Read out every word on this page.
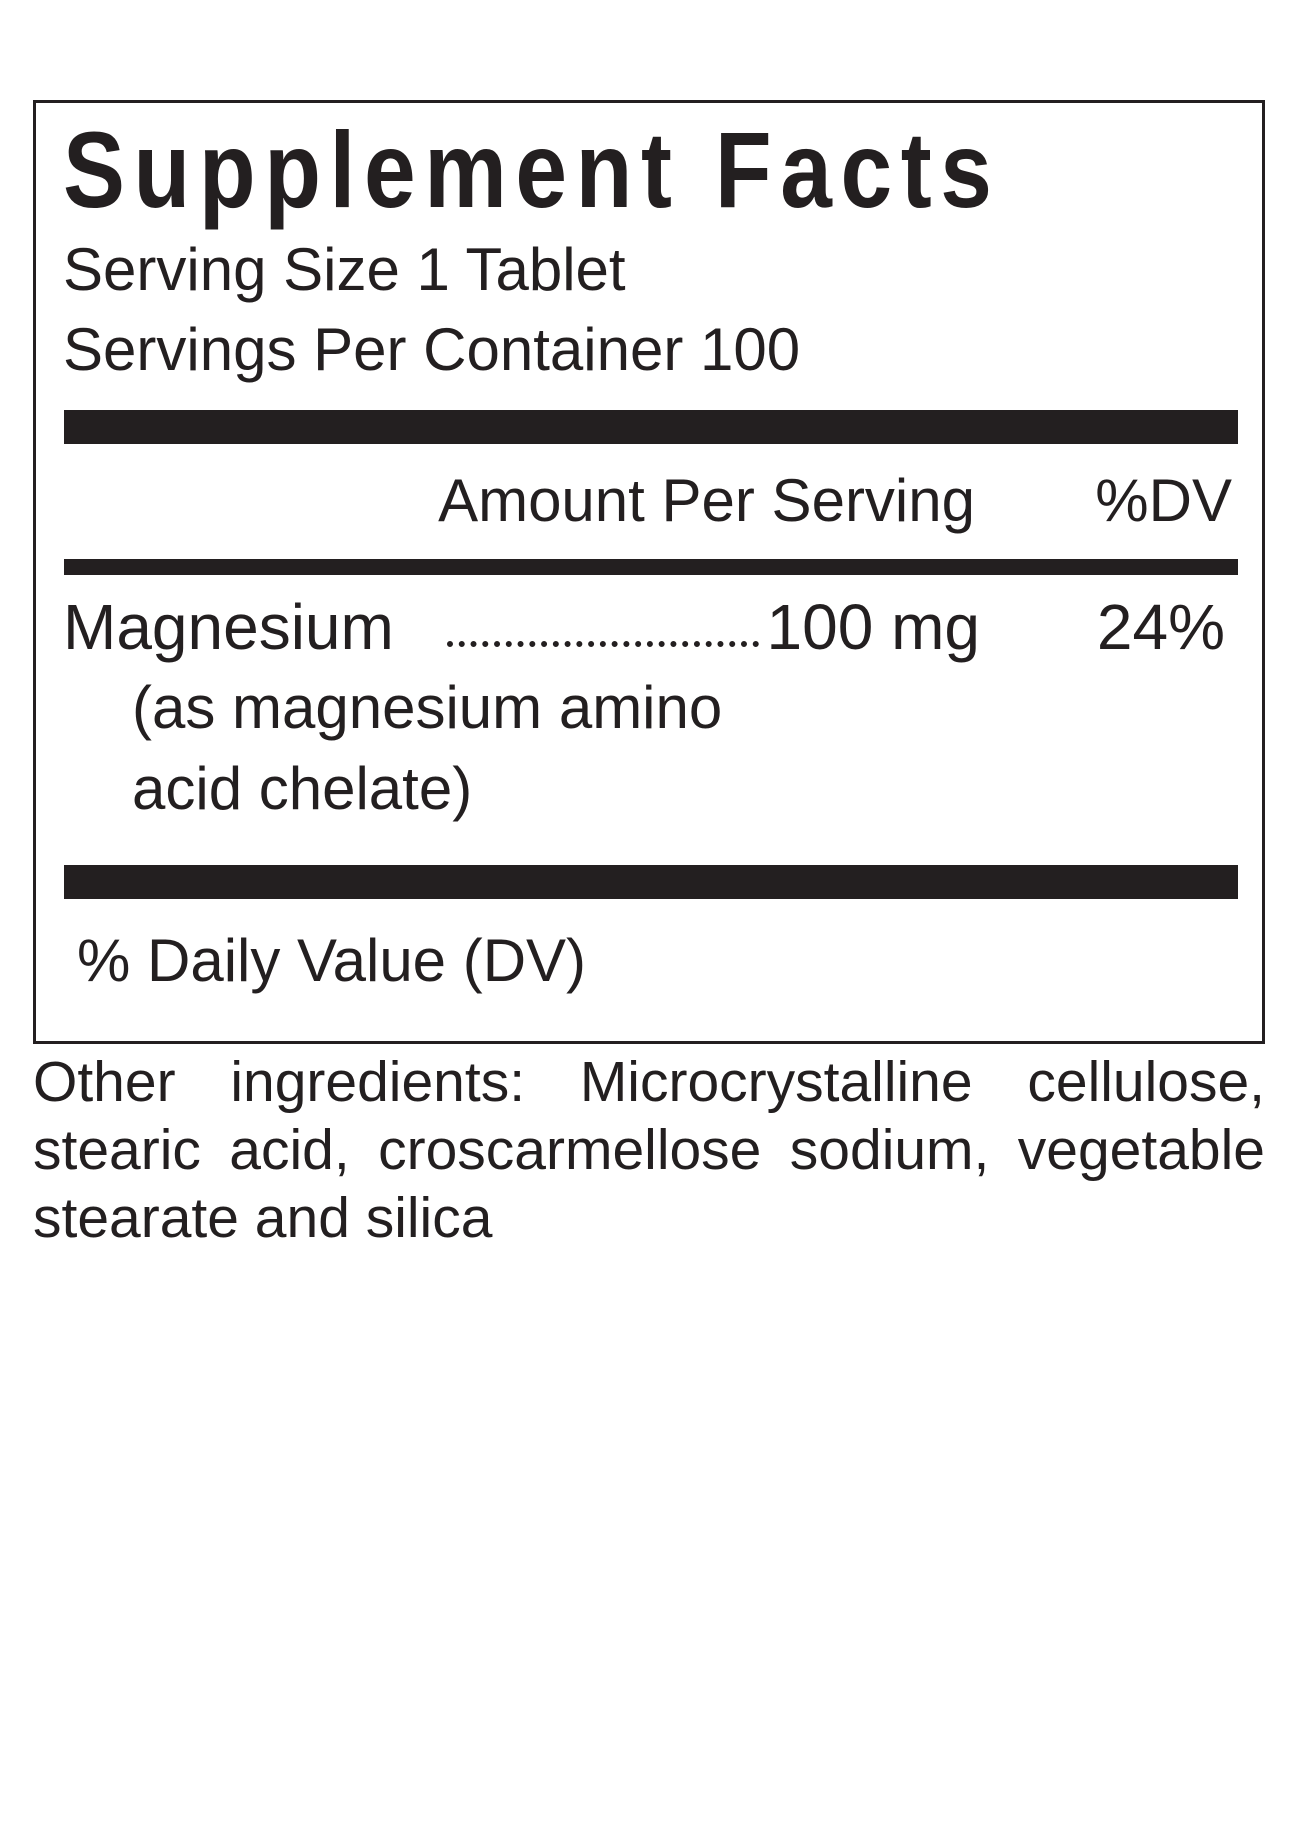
Supplement Facts
Serving Size 1 Tablet
Servings Per Container 100
Amount Per Serving %DV
Magnesium	100 mg 24%
(as magnesium amino
acid chelate)
% Daily Value (DV)

Other ingredients: Microcrystalline cellulose, stearic acid, croscarmellose sodium, vegetable stearate and silica
